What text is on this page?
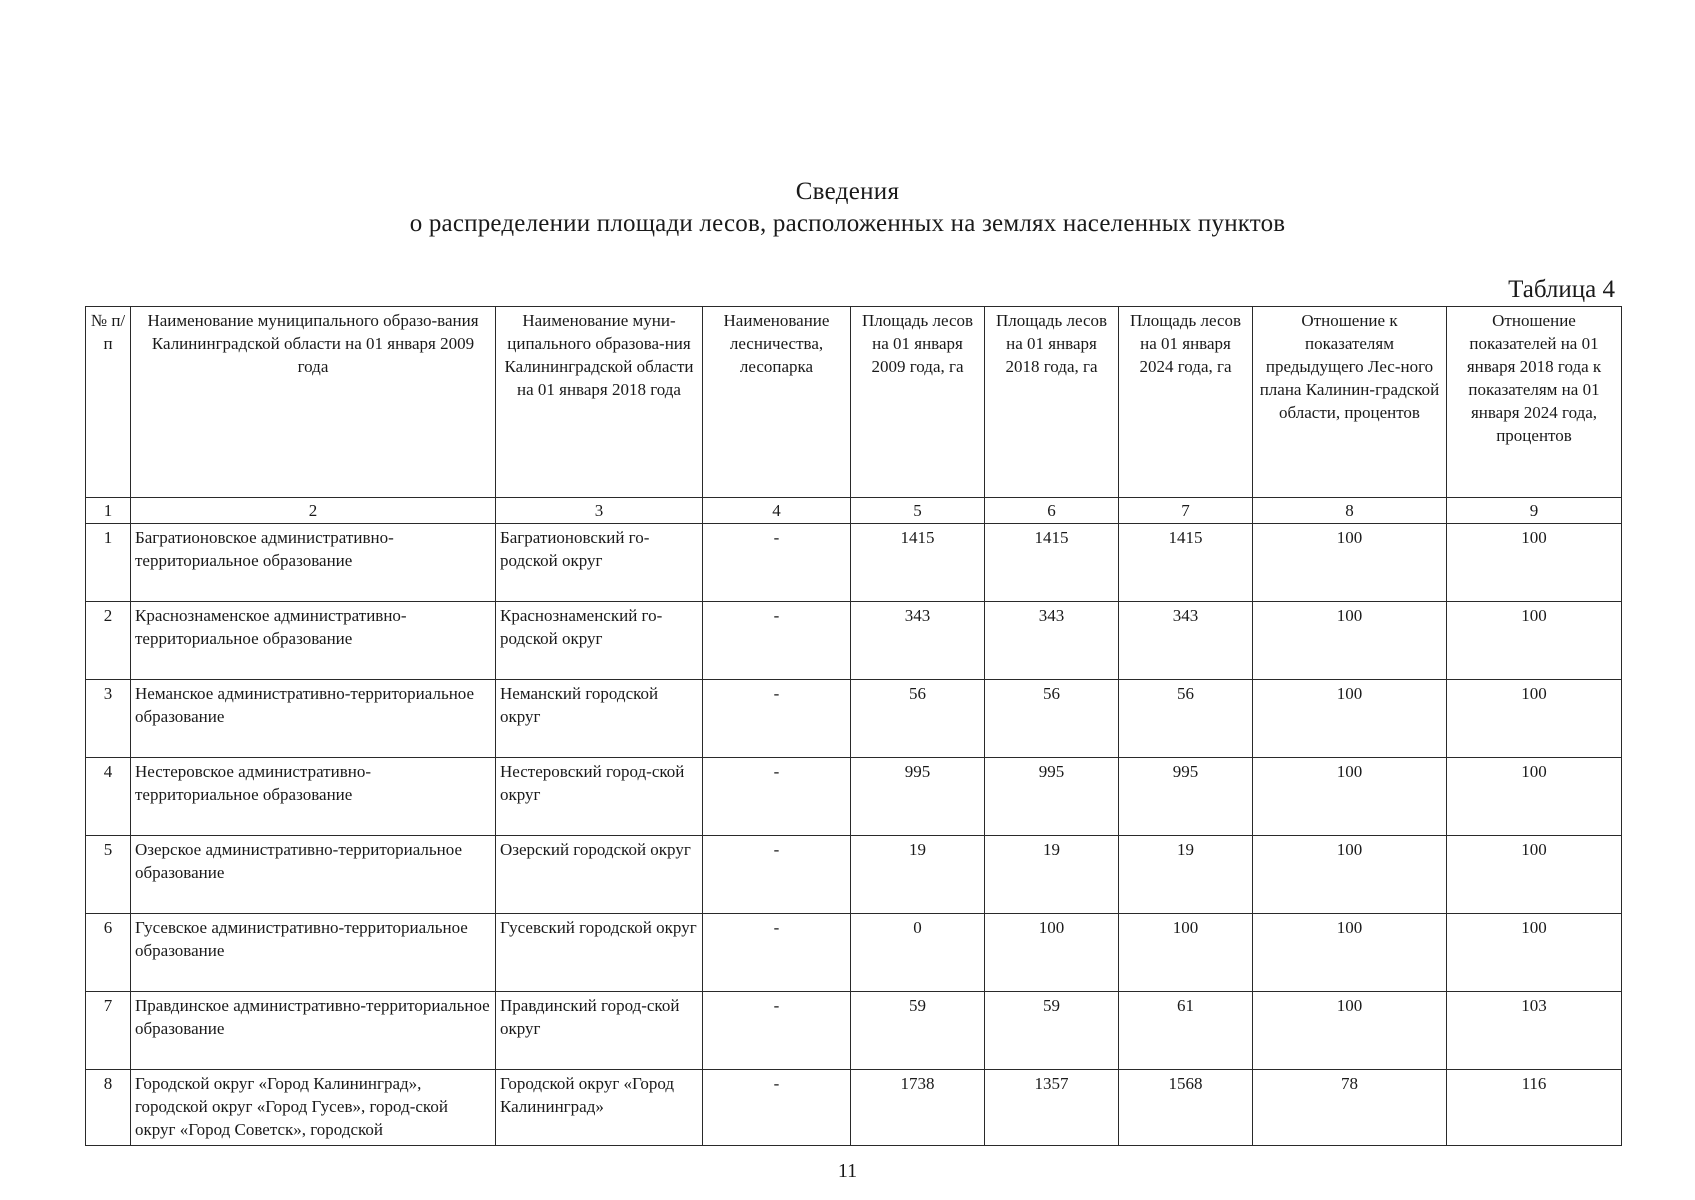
Сведения
о распределении площади лесов, расположенных на землях населенных пунктов
Таблица 4
№ п/п	Наименование муниципального образо-вания Калининградской области на 01 января 2009 года	Наименование муни-ципального образова-ния Калининградской области на 01 января 2018 года	Наименование лесничества, лесопарка	Площадь лесов на 01 января 2009 года, га	Площадь лесов на 01 января 2018 года, га	Площадь лесов на 01 января 2024 года, га	Отношение к показателям предыдущего Лес-ного плана Калинин-градской области, процентов	Отношение показателей на 01 января 2018 года к показателям на 01 января 2024 года, процентов
1	2	3	4	5	6	7	8	9
1	Багратионовское административно-территориальное образование	Багратионовский го-родской округ	-	1415	1415	1415	100	100
2	Краснознаменское административно-территориальное образование	Краснознаменский го-родской округ	-	343	343	343	100	100
3	Неманское административно-территориальное образование	Неманский городской округ	-	56	56	56	100	100
4	Нестеровское административно-территориальное образование	Нестеровский город-ской округ	-	995	995	995	100	100
5	Озерское административно-территориальное образование	Озерский городской округ	-	19	19	19	100	100
6	Гусевское административно-территориальное образование	Гусевский городской округ	-	0	100	100	100	100
7	Правдинское административно-территориальное образование	Правдинский город-ской округ	-	59	59	61	100	103
8	Городской округ «Город Калининград», городской округ «Город Гусев», город-ской округ «Город Советск», городской	Городской округ «Город Калининград»	-	1738	1357	1568	78	116
11
